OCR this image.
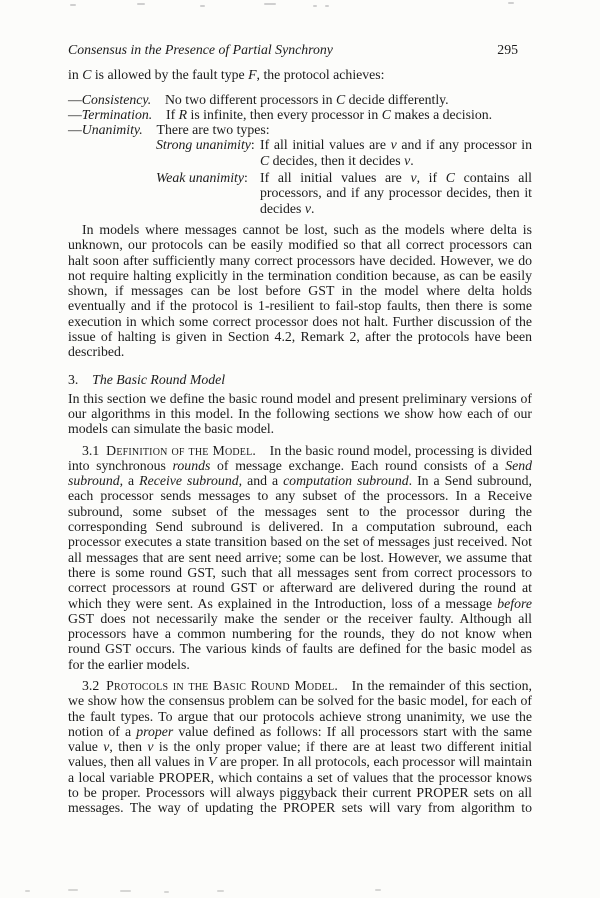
Consensus in the Presence of Partial Synchrony	295

in C is allowed by the fault type F, the protocol achieves:

—Consistency.  No two different processors in C decide differently.

—Termination.  If R is infinite, then every processor in C makes a decision.

—Unanimity.  There are two types:

Strong unanimity: If all initial values are v and if any processor in C decides, then it decides v.
Weak unanimity: If all initial values are v, if C contains all processors, and if any processor decides, then it decides v.

In models where messages cannot be lost, such as the models where delta is unknown, our protocols can be easily modified so that all correct processors can halt soon after sufficiently many correct processors have decided. However, we do not require halting explicitly in the termination condition because, as can be easily shown, if messages can be lost before GST in the model where delta holds eventually and if the protocol is 1-resilient to fail-stop faults, then there is some execution in which some correct processor does not halt. Further discussion of the issue of halting is given in Section 4.2, Remark 2, after the protocols have been described.

3.  The Basic Round Model

In this section we define the basic round model and present preliminary versions of our algorithms in this model. In the following sections we show how each of our models can simulate the basic model.

3.1 Definition of the Model.  In the basic round model, processing is divided into synchronous rounds of message exchange. Each round consists of a Send subround, a Receive subround, and a computation subround. In a Send subround, each processor sends messages to any subset of the processors. In a Receive subround, some subset of the messages sent to the processor during the corresponding Send subround is delivered. In a computation subround, each processor executes a state transition based on the set of messages just received. Not all messages that are sent need arrive; some can be lost. However, we assume that there is some round GST, such that all messages sent from correct processors to correct processors at round GST or afterward are delivered during the round at which they were sent. As explained in the Introduction, loss of a message before GST does not necessarily make the sender or the receiver faulty. Although all processors have a common numbering for the rounds, they do not know when round GST occurs. The various kinds of faults are defined for the basic model as for the earlier models.

3.2 Protocols in the Basic Round Model.  In the remainder of this section, we show how the consensus problem can be solved for the basic model, for each of the fault types. To argue that our protocols achieve strong unanimity, we use the notion of a proper value defined as follows: If all processors start with the same value v, then v is the only proper value; if there are at least two different initial values, then all values in V are proper. In all protocols, each processor will maintain a local variable PROPER, which contains a set of values that the processor knows to be proper. Processors will always piggyback their current PROPER sets on all messages. The way of updating the PROPER sets will vary from algorithm to
